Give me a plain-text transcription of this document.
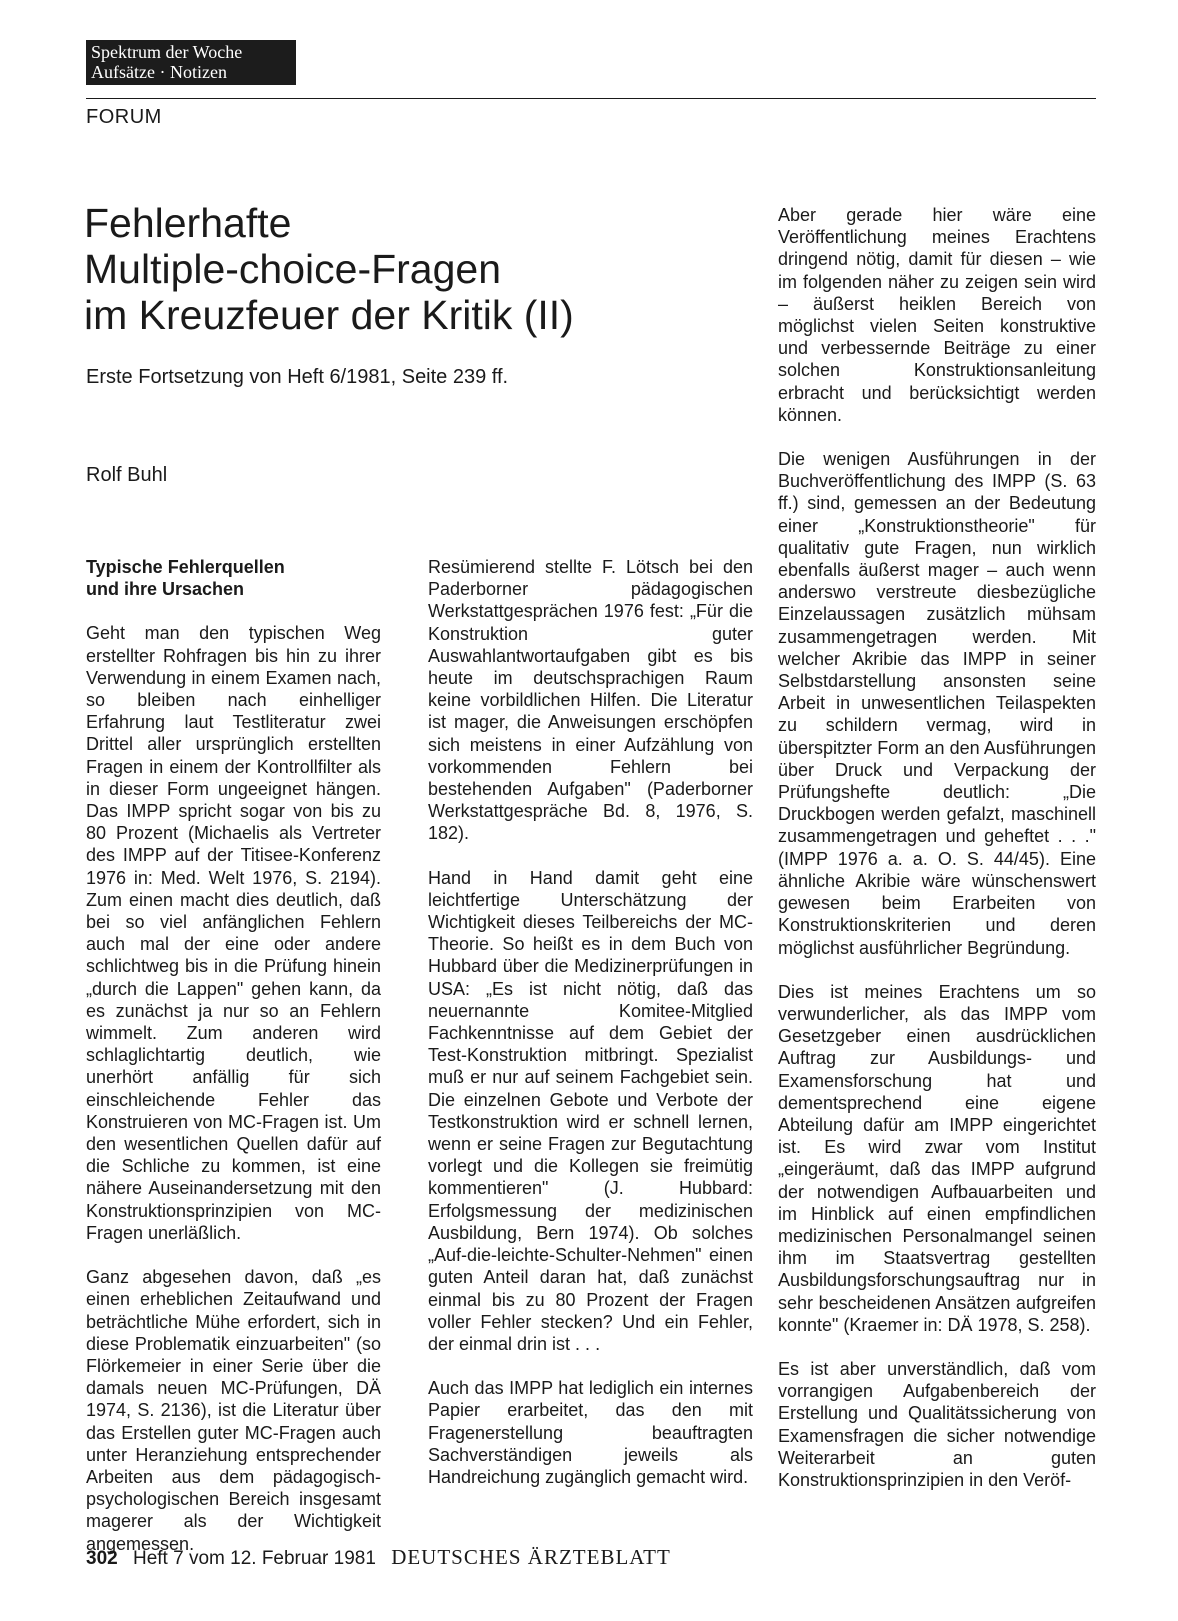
Spektrum der Woche
Aufsätze · Notizen
FORUM
Fehlerhafte
Multiple-choice-Fragen
im Kreuzfeuer der Kritik (II)
Erste Fortsetzung von Heft 6/1981, Seite 239 ff.
Rolf Buhl
Typische Fehlerquellen
und ihre Ursachen

Geht man den typischen Weg erstellter Rohfragen bis hin zu ihrer Verwendung in einem Examen nach, so bleiben nach einhelliger Erfahrung laut Testliteratur zwei Drittel aller ursprünglich erstellten Fragen in einem der Kontrollfilter als in dieser Form ungeeignet hängen. Das IMPP spricht sogar von bis zu 80 Prozent (Michaelis als Vertreter des IMPP auf der Titisee-Konferenz 1976 in: Med. Welt 1976, S. 2194). Zum einen macht dies deutlich, daß bei so viel anfänglichen Fehlern auch mal der eine oder andere schlichtweg bis in die Prüfung hinein „durch die Lappen" gehen kann, da es zunächst ja nur so an Fehlern wimmelt. Zum anderen wird schlaglichtartig deutlich, wie unerhört anfällig für sich einschleichende Fehler das Konstruieren von MC-Fragen ist. Um den wesentlichen Quellen dafür auf die Schliche zu kommen, ist eine nähere Auseinandersetzung mit den Konstruktionsprinzipien von MC-Fragen unerläßlich.

Ganz abgesehen davon, daß „es einen erheblichen Zeitaufwand und beträchtliche Mühe erfordert, sich in diese Problematik einzuarbeiten" (so Flörkemeier in einer Serie über die damals neuen MC-Prüfungen, DÄ 1974, S. 2136), ist die Literatur über das Erstellen guter MC-Fragen auch unter Heranziehung entsprechender Arbeiten aus dem pädagogisch-psychologischen Bereich insgesamt magerer als der Wichtigkeit angemessen.

Resümierend stellte F. Lötsch bei den Paderborner pädagogischen Werkstattgesprächen 1976 fest: „Für die Konstruktion guter Auswahlantwortaufgaben gibt es bis heute im deutschsprachigen Raum keine vorbildlichen Hilfen. Die Literatur ist mager, die Anweisungen erschöpfen sich meistens in einer Aufzählung von vorkommenden Fehlern bei bestehenden Aufgaben" (Paderborner Werkstattgespräche Bd. 8, 1976, S. 182).

Hand in Hand damit geht eine leichtfertige Unterschätzung der Wichtigkeit dieses Teilbereichs der MC-Theorie. So heißt es in dem Buch von Hubbard über die Medizinerprüfungen in USA: „Es ist nicht nötig, daß das neuernannte Komitee-Mitglied Fachkenntnisse auf dem Gebiet der Test-Konstruktion mitbringt. Spezialist muß er nur auf seinem Fachgebiet sein. Die einzelnen Gebote und Verbote der Testkonstruktion wird er schnell lernen, wenn er seine Fragen zur Begutachtung vorlegt und die Kollegen sie freimütig kommentieren" (J. Hubbard: Erfolgsmessung der medizinischen Ausbildung, Bern 1974). Ob solches „Auf-die-leichte-Schulter-Nehmen" einen guten Anteil daran hat, daß zunächst einmal bis zu 80 Prozent der Fragen voller Fehler stecken? Und ein Fehler, der einmal drin ist . . .

Auch das IMPP hat lediglich ein internes Papier erarbeitet, das den mit Fragenerstellung beauftragten Sachverständigen jeweils als Handreichung zugänglich gemacht wird.

Aber gerade hier wäre eine Veröffentlichung meines Erachtens dringend nötig, damit für diesen – wie im folgenden näher zu zeigen sein wird – äußerst heiklen Bereich von möglichst vielen Seiten konstruktive und verbessernde Beiträge zu einer solchen Konstruktionsanleitung erbracht und berücksichtigt werden können.

Die wenigen Ausführungen in der Buchveröffentlichung des IMPP (S. 63 ff.) sind, gemessen an der Bedeutung einer „Konstruktionstheorie" für qualitativ gute Fragen, nun wirklich ebenfalls äußerst mager – auch wenn anderswo verstreute diesbezügliche Einzelaussagen zusätzlich mühsam zusammengetragen werden. Mit welcher Akribie das IMPP in seiner Selbstdarstellung ansonsten seine Arbeit in unwesentlichen Teilaspekten zu schildern vermag, wird in überspitzter Form an den Ausführungen über Druck und Verpackung der Prüfungshefte deutlich: „Die Druckbogen werden gefalzt, maschinell zusammengetragen und geheftet . . ." (IMPP 1976 a. a. O. S. 44/45). Eine ähnliche Akribie wäre wünschenswert gewesen beim Erarbeiten von Konstruktionskriterien und deren möglichst ausführlicher Begründung.

Dies ist meines Erachtens um so verwunderlicher, als das IMPP vom Gesetzgeber einen ausdrücklichen Auftrag zur Ausbildungs- und Examensforschung hat und dementsprechend eine eigene Abteilung dafür am IMPP eingerichtet ist. Es wird zwar vom Institut „eingeräumt, daß das IMPP aufgrund der notwendigen Aufbauarbeiten und im Hinblick auf einen empfindlichen medizinischen Personalmangel seinen ihm im Staatsvertrag gestellten Ausbildungsforschungsauftrag nur in sehr bescheidenen Ansätzen aufgreifen konnte" (Kraemer in: DÄ 1978, S. 258).

Es ist aber unverständlich, daß vom vorrangigen Aufgabenbereich der Erstellung und Qualitätssicherung von Examensfragen die sicher notwendige Weiterarbeit an guten Konstruktionsprinzipien in den Veröf-

302 Heft 7 vom 12. Februar 1981 DEUTSCHES ÄRZTEBLATT
